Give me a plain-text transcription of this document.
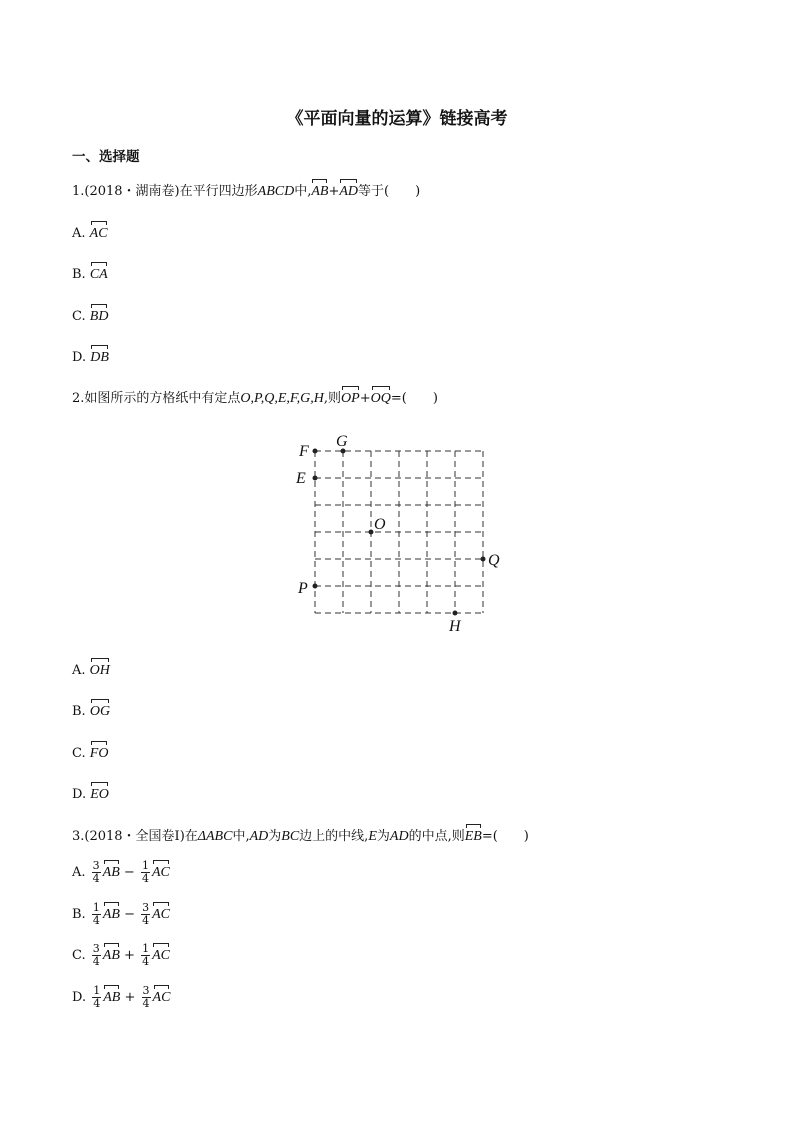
《平面向量的运算》链接高考
一、选择题
1.(2018・湖南卷)在平行四边形ABCD中,AB+AD等于(　　)
A. AC
B. CA
C. BD
D. DB
2.如图所示的方格纸中有定点O,P,Q,E,F,G,H,则OP+OQ=(　　)
F
G
E
O
Q
P
H
A. OH
B. OG
C. FO
D. EO
3.(2018・全国卷I)在ΔABC中,AD为BC边上的中线,E为AD的中点,则EB=(　　)
A. $\frac{3}{4}$ AB − $\frac{1}{4}$ AC
B. $\frac{1}{4}$ AB − $\frac{3}{4}$ AC
C. $\frac{3}{4}$ AB + $\frac{1}{4}$ AC
D. $\frac{1}{4}$ AB + $\frac{3}{4}$ AC
